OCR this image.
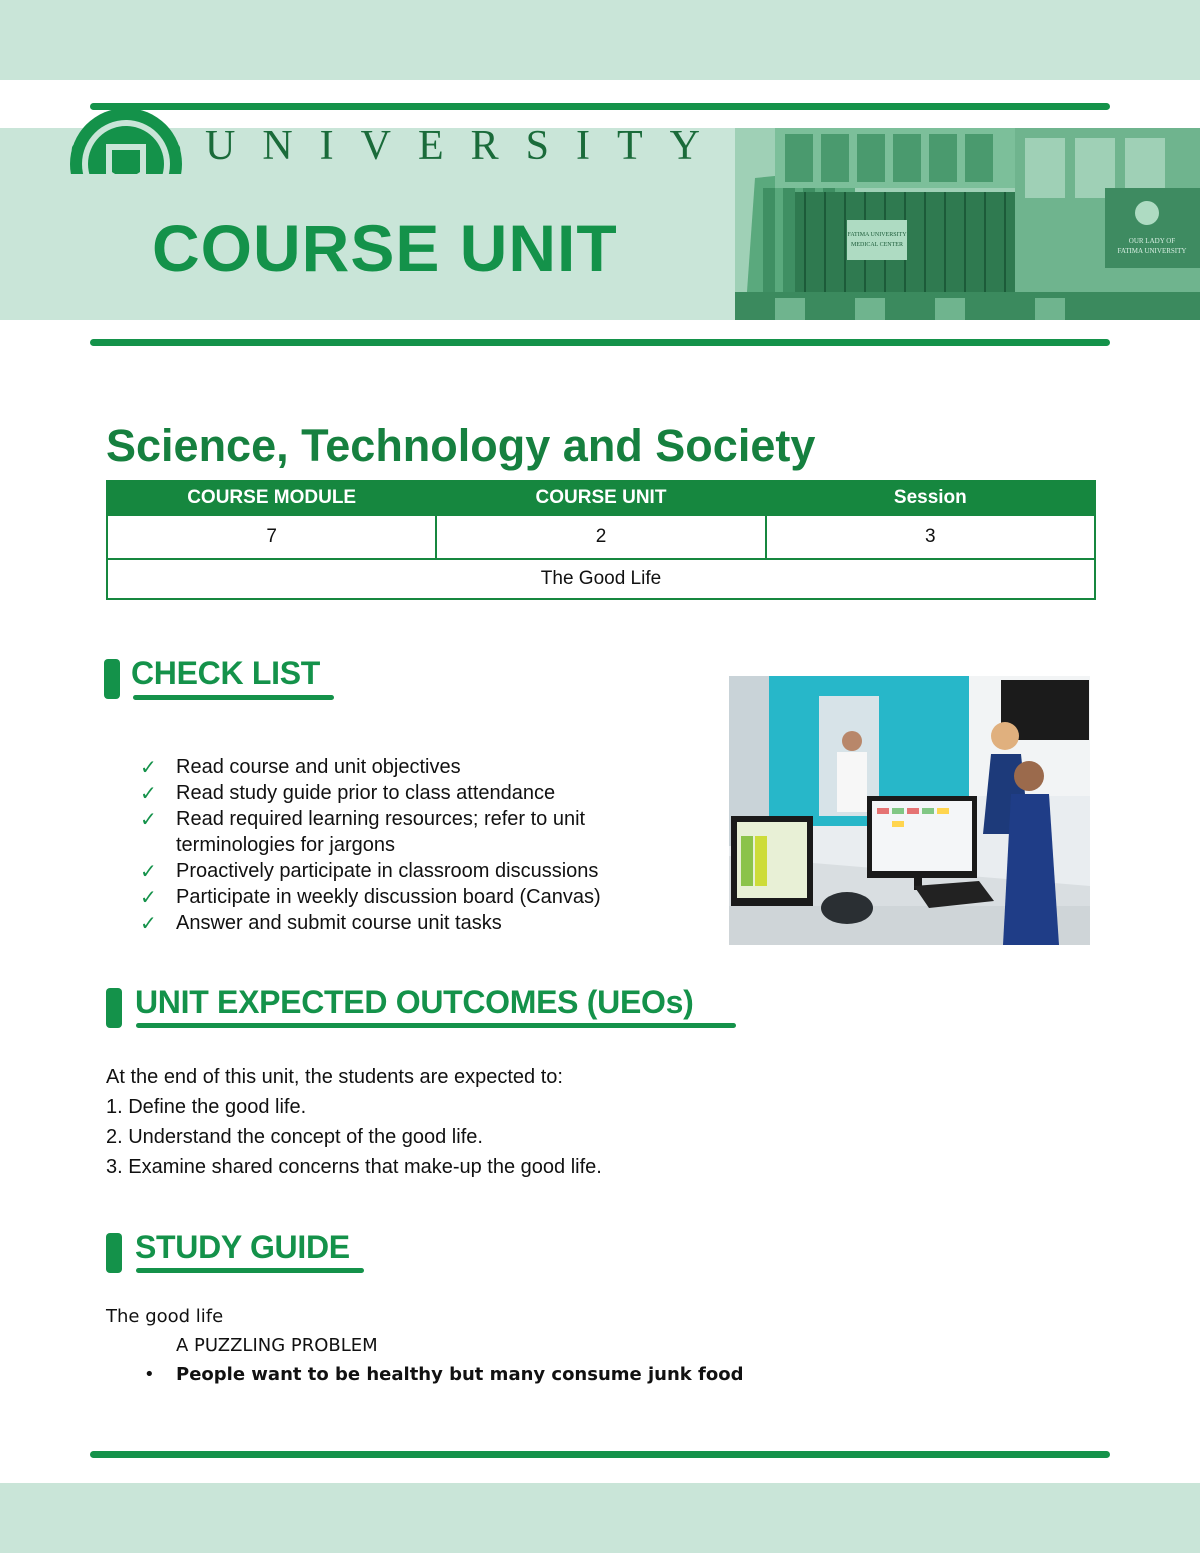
UNIVERSITY
FATIMA UNIVERSITY
MEDICAL CENTER	OUR LADY OF
FATIMA UNIVERSITY
COURSE UNIT
Science, Technology and Society
COURSE MODULE	COURSE UNIT	Session
7	2	3
The Good Life		
CHECK LIST
✓ Read course and unit objectives
✓ Read study guide prior to class attendance
✓ Read required learning resources; refer to unit terminologies for jargons
✓ Proactively participate in classroom discussions
✓ Participate in weekly discussion board (Canvas)
✓ Answer and submit course unit tasks
UNIT EXPECTED OUTCOMES (UEOs)

At the end of this unit, the students are expected to:

1. Define the good life.

2. Understand the concept of the good life.

3. Examine shared concerns that make-up the good life.

STUDY GUIDE

The good life

A PUZZLING PROBLEM

• People want to be healthy but many consume junk food
